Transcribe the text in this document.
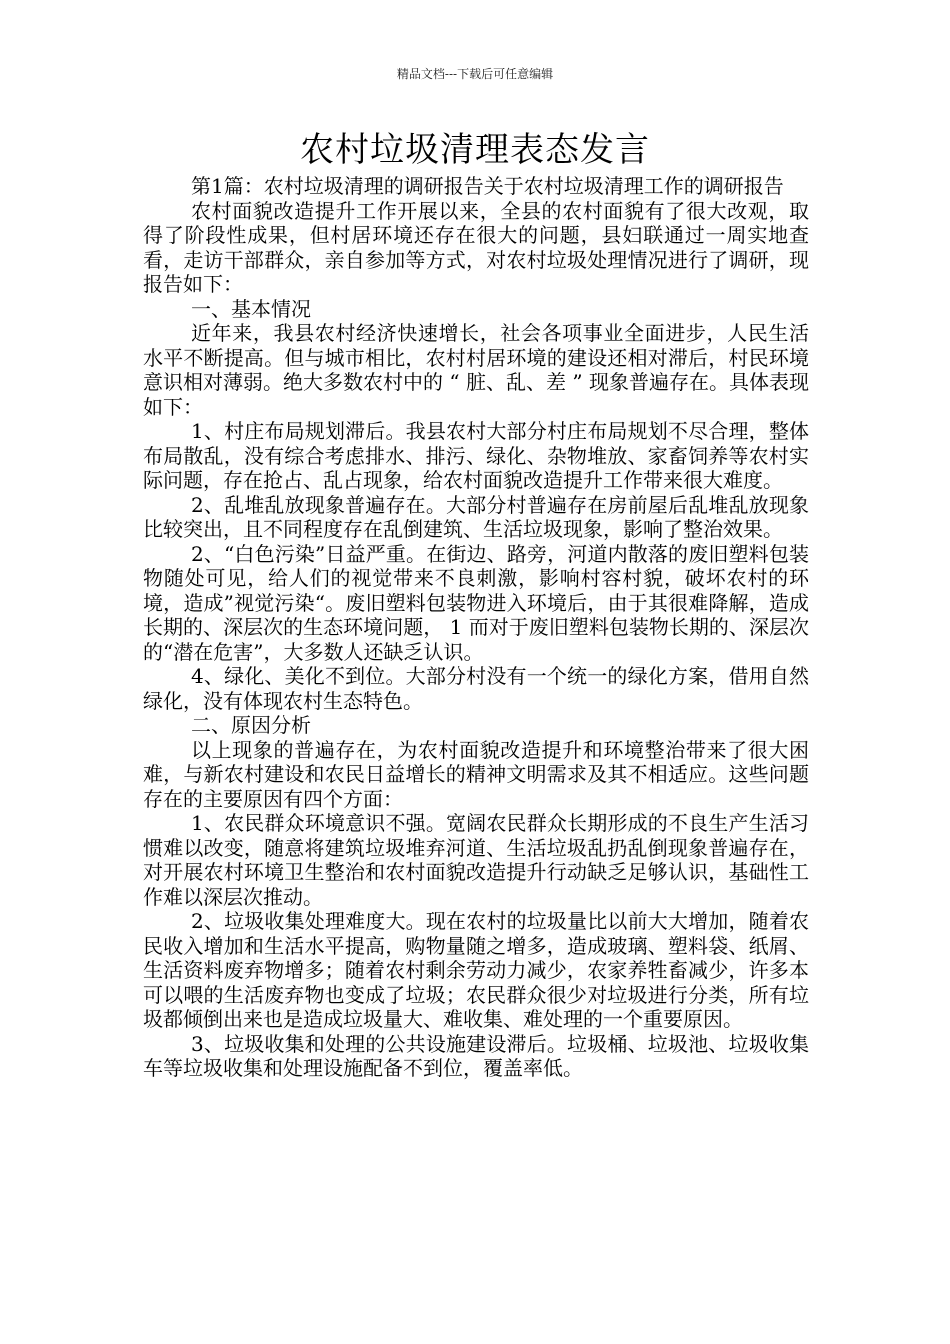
精品文档---下载后可任意编辑
农村垃圾清理表态发言

第1篇：农村垃圾清理的调研报告关于农村垃圾清理工作的调研报告

农村面貌改造提升工作开展以来，全县的农村面貌有了很大改观，取得了阶段性成果，但村居环境还存在很大的问题，县妇联通过一周实地查看，走访干部群众，亲自参加等方式，对农村垃圾处理情况进行了调研，现报告如下：

一、基本情况

近年来，我县农村经济快速增长，社会各项事业全面进步，人民生活水平不断提高。但与城市相比，农村村居环境的建设还相对滞后，村民环境意识相对薄弱。绝大多数农村中的 “ 脏、乱、差 ” 现象普遍存在。具体表现如下：

1、村庄布局规划滞后。我县农村大部分村庄布局规划不尽合理，整体布局散乱，没有综合考虑排水、排污、绿化、杂物堆放、家畜饲养等农村实际问题，存在抢占、乱占现象，给农村面貌改造提升工作带来很大难度。

2、乱堆乱放现象普遍存在。大部分村普遍存在房前屋后乱堆乱放现象比较突出，且不同程度存在乱倒建筑、生活垃圾现象，影响了整治效果。

2、“白色污染”日益严重。在街边、路旁，河道内散落的废旧塑料包装物随处可见，给人们的视觉带来不良刺激，影响村容村貌，破坏农村的环境，造成”视觉污染“。废旧塑料包装物进入环境后，由于其很难降解，造成长期的、深层次的生态环境问题， 1 而对于废旧塑料包装物长期的、深层次的“潜在危害”，大多数人还缺乏认识。

4、绿化、美化不到位。大部分村没有一个统一的绿化方案，借用自然绿化，没有体现农村生态特色。

二、原因分析

以上现象的普遍存在，为农村面貌改造提升和环境整治带来了很大困难，与新农村建设和农民日益增长的精神文明需求及其不相适应。这些问题存在的主要原因有四个方面：

1、农民群众环境意识不强。宽阔农民群众长期形成的不良生产生活习惯难以改变，随意将建筑垃圾堆弃河道、生活垃圾乱扔乱倒现象普遍存在，对开展农村环境卫生整治和农村面貌改造提升行动缺乏足够认识，基础性工作难以深层次推动。

2、垃圾收集处理难度大。现在农村的垃圾量比以前大大增加，随着农民收入增加和生活水平提高，购物量随之增多，造成玻璃、塑料袋、纸屑、生活资料废弃物增多；随着农村剩余劳动力减少，农家养牲畜减少，许多本可以喂的生活废弃物也变成了垃圾；农民群众很少对垃圾进行分类，所有垃圾都倾倒出来也是造成垃圾量大、难收集、难处理的一个重要原因。

3、垃圾收集和处理的公共设施建设滞后。垃圾桶、垃圾池、垃圾收集车等垃圾收集和处理设施配备不到位，覆盖率低。
